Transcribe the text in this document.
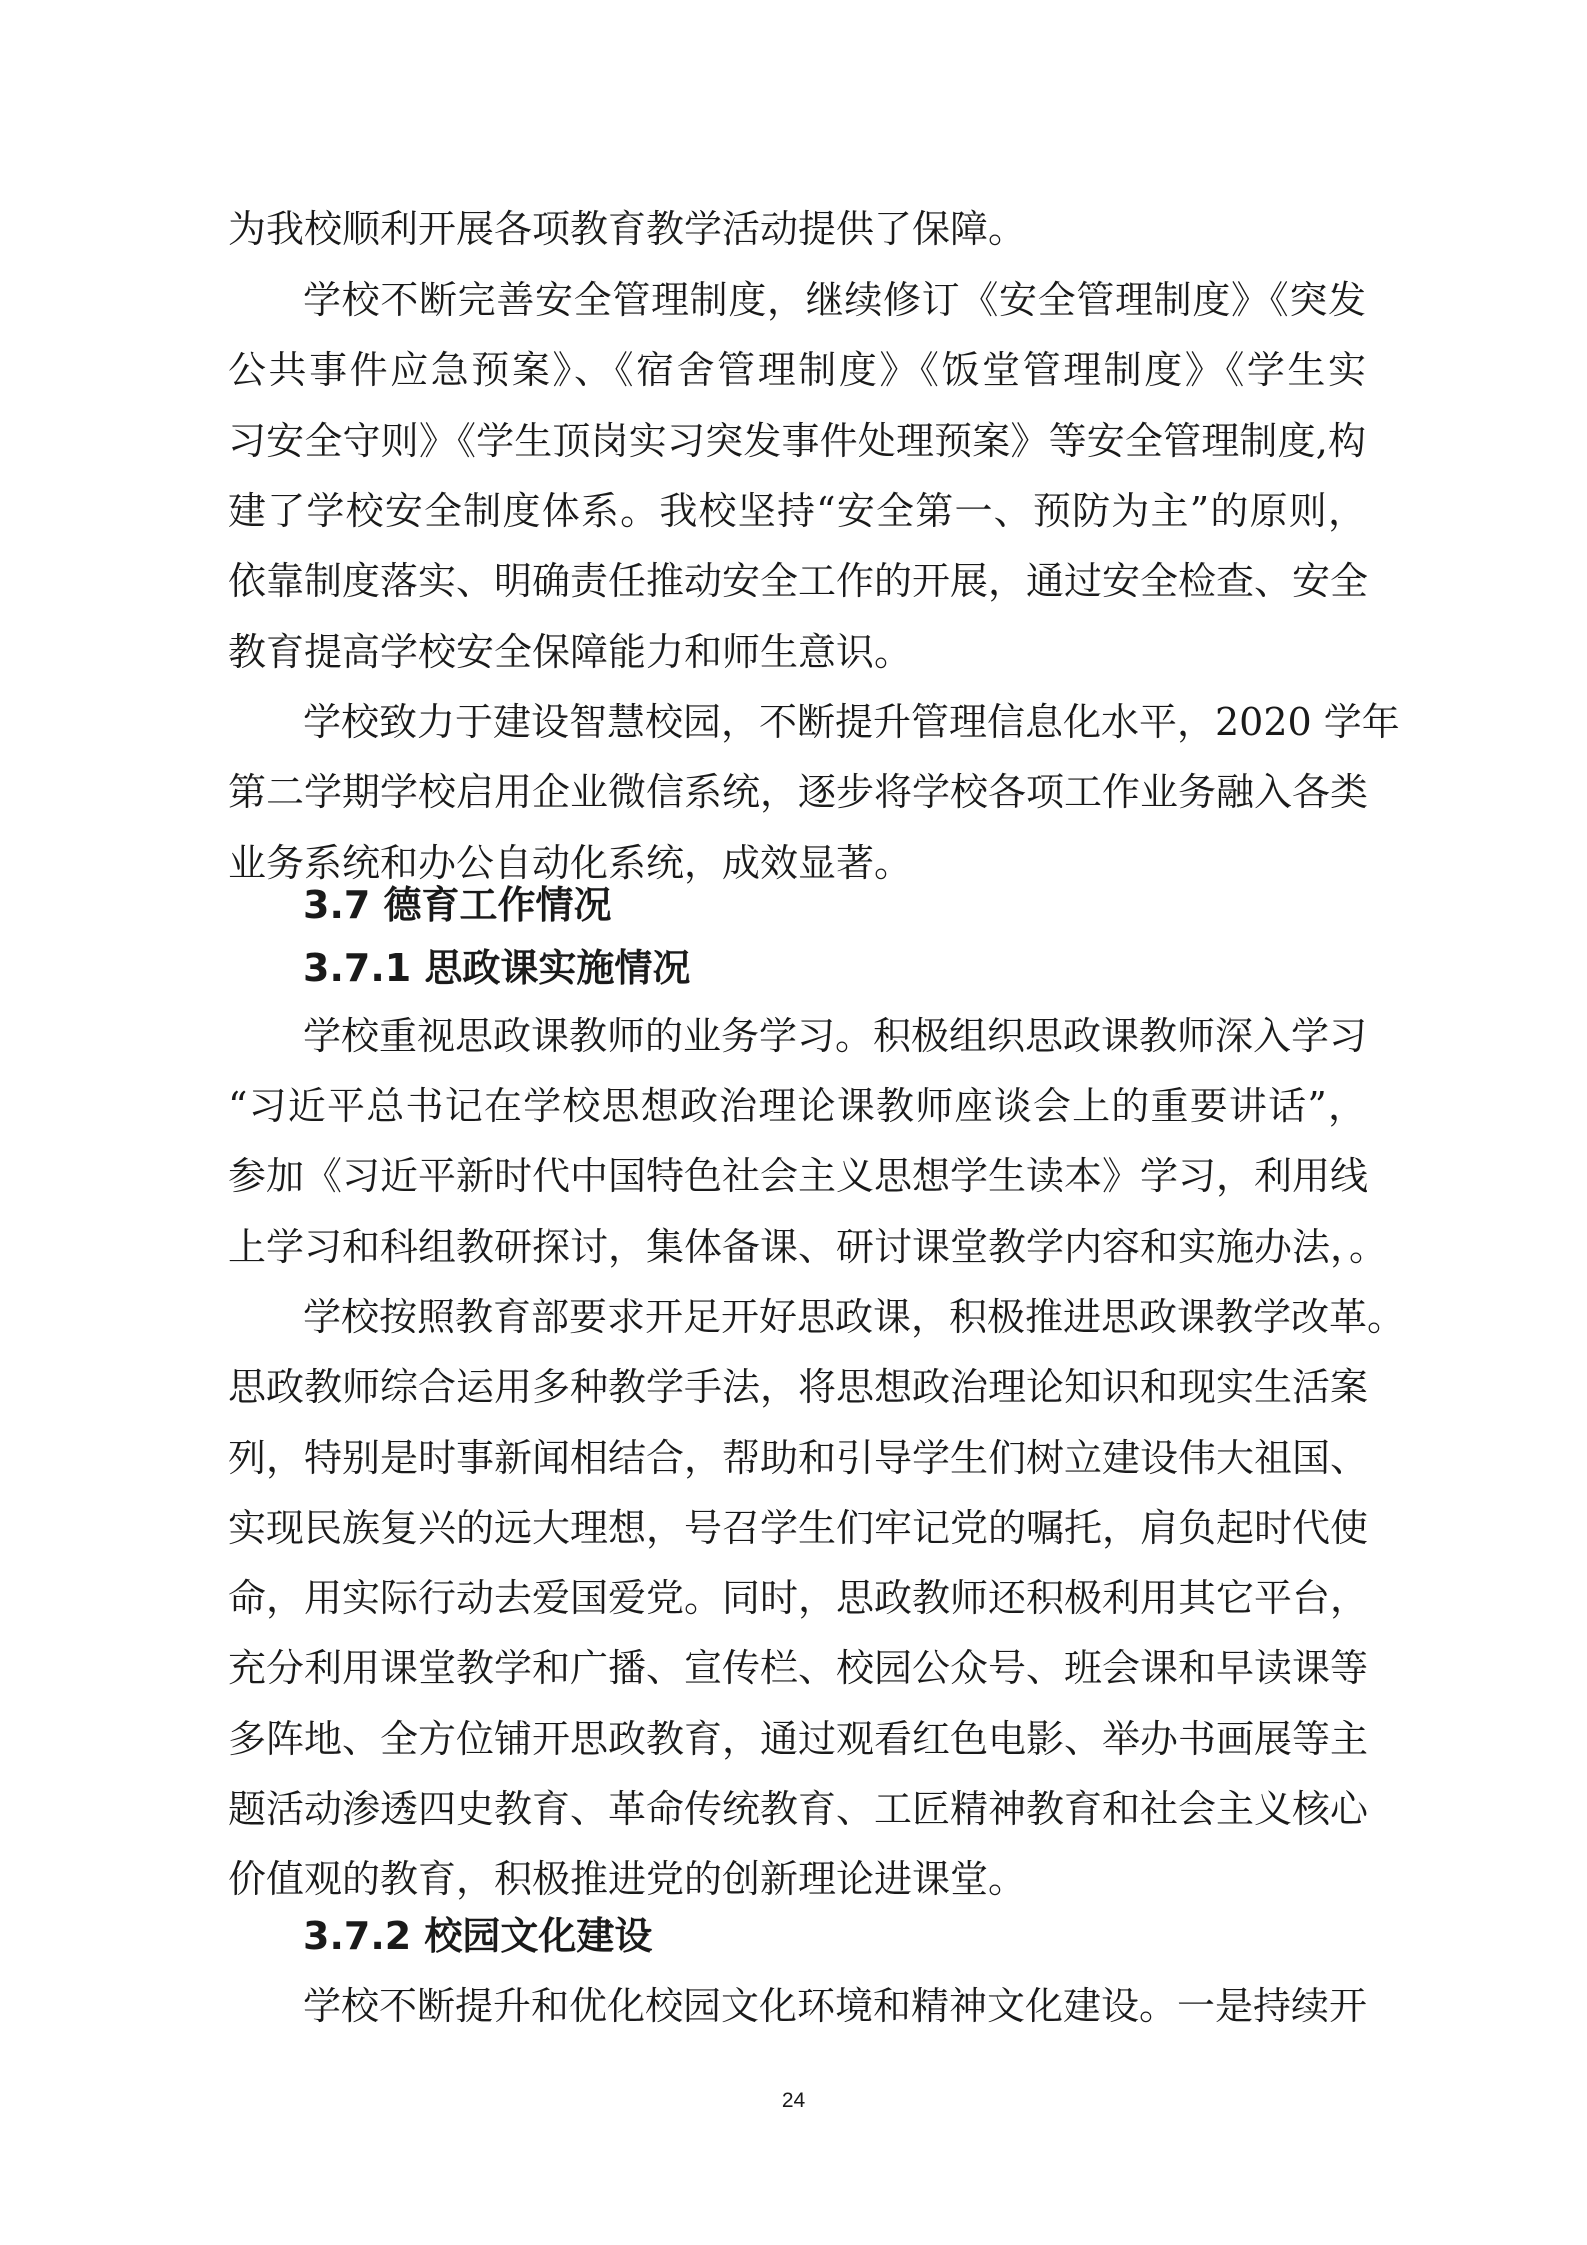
为我校顺利开展各项教育教学活动提供了保障。
学校不断完善安全管理制度，继续修订《安全管理制度》《突发
公共事件应急预案》、《宿舍管理制度》《饭堂管理制度》《学生实
习安全守则》《学生顶岗实习突发事件处理预案》等安全管理制度,构
建了学校安全制度体系。我校坚持“安全第一、预防为主”的原则，
依靠制度落实、明确责任推动安全工作的开展，通过安全检查、安全
教育提高学校安全保障能力和师生意识。
学校致力于建设智慧校园，不断提升管理信息化水平，2020 学年
第二学期学校启用企业微信系统，逐步将学校各项工作业务融入各类
业务系统和办公自动化系统，成效显著。
3.7 德育工作情况
3.7.1 思政课实施情况
学校重视思政课教师的业务学习。积极组织思政课教师深入学习
“习近平总书记在学校思想政治理论课教师座谈会上的重要讲话”，
参加《习近平新时代中国特色社会主义思想学生读本》学习，利用线
上学习和科组教研探讨，集体备课、研讨课堂教学内容和实施办法，。
学校按照教育部要求开足开好思政课，积极推进思政课教学改革。
思政教师综合运用多种教学手法，将思想政治理论知识和现实生活案
列，特别是时事新闻相结合，帮助和引导学生们树立建设伟大祖国、
实现民族复兴的远大理想，号召学生们牢记党的嘱托，肩负起时代使
命，用实际行动去爱国爱党。同时，思政教师还积极利用其它平台，
充分利用课堂教学和广播、宣传栏、校园公众号、班会课和早读课等
多阵地、全方位铺开思政教育，通过观看红色电影、举办书画展等主
题活动渗透四史教育、革命传统教育、工匠精神教育和社会主义核心
价值观的教育，积极推进党的创新理论进课堂。
3.7.2 校园文化建设
学校不断提升和优化校园文化环境和精神文化建设。一是持续开
24
